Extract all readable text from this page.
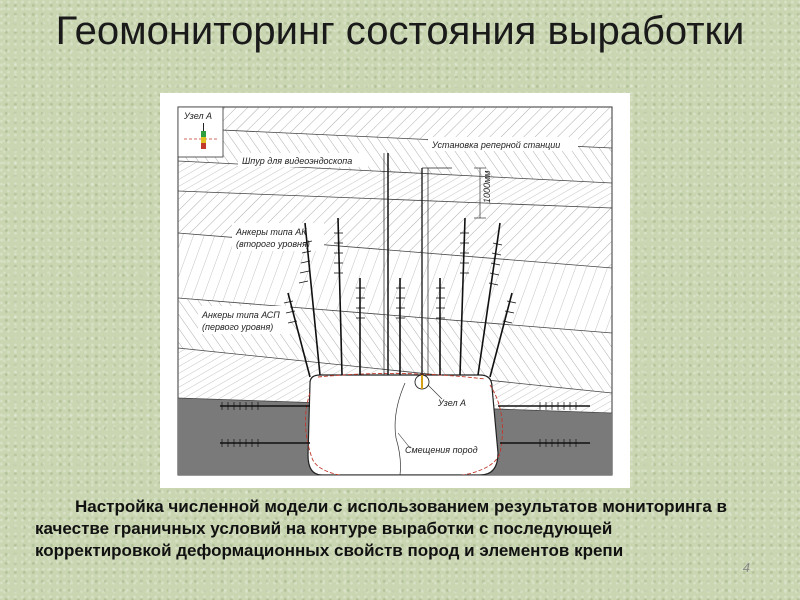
Геомониторинг состояния выработки
Узел А
Шпур для видеоэндоскопа
Установка реперной станции
1000мм
Анкеры типа АК
(второго уровня)
Анкеры типа АСП
(первого уровня)
Узел А
Смещения пород
Настройка численной модели с использованием результатов мониторинга в качестве граничных условий на контуре выработки с последующей корректировкой деформационных свойств пород и элементов крепи
4
